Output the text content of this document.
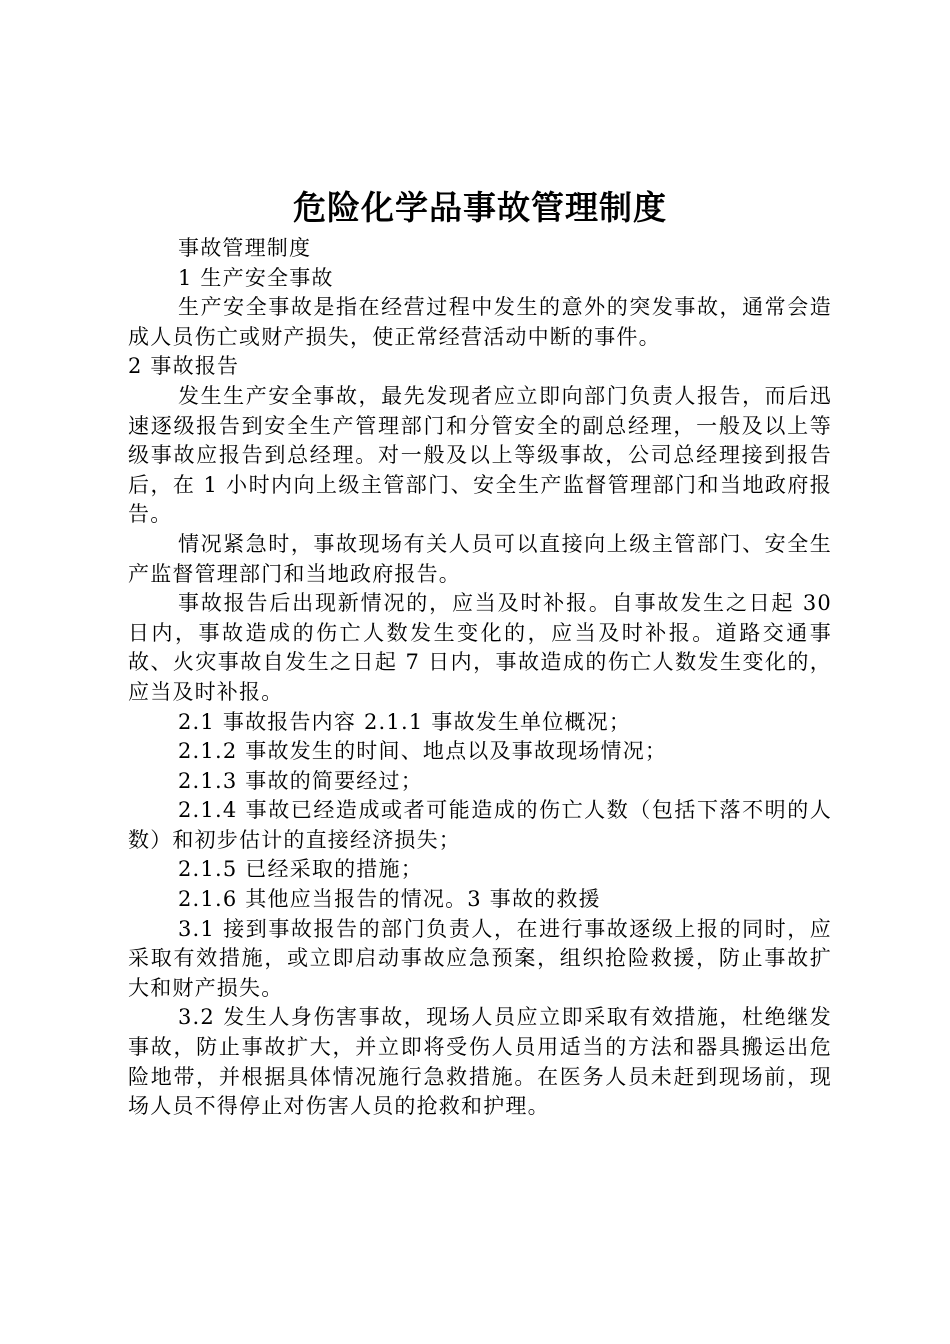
危险化学品事故管理制度

事故管理制度

1 生产安全事故

生产安全事故是指在经营过程中发生的意外的突发事故，通常会造成人员伤亡或财产损失，使正常经营活动中断的事件。

2 事故报告

发生生产安全事故，最先发现者应立即向部门负责人报告，而后迅速逐级报告到安全生产管理部门和分管安全的副总经理，一般及以上等级事故应报告到总经理。对一般及以上等级事故，公司总经理接到报告后，在 1 小时内向上级主管部门、安全生产监督管理部门和当地政府报告。

情况紧急时，事故现场有关人员可以直接向上级主管部门、安全生产监督管理部门和当地政府报告。

事故报告后出现新情况的，应当及时补报。自事故发生之日起 30 日内，事故造成的伤亡人数发生变化的，应当及时补报。道路交通事故、火灾事故自发生之日起 7 日内，事故造成的伤亡人数发生变化的，应当及时补报。

2.1 事故报告内容 2.1.1 事故发生单位概况；

2.1.2 事故发生的时间、地点以及事故现场情况；

2.1.3 事故的简要经过；

2.1.4 事故已经造成或者可能造成的伤亡人数（包括下落不明的人数）和初步估计的直接经济损失；

2.1.5 已经采取的措施；

2.1.6 其他应当报告的情况。3 事故的救援

3.1 接到事故报告的部门负责人，在进行事故逐级上报的同时，应采取有效措施，或立即启动事故应急预案，组织抢险救援，防止事故扩大和财产损失。

3.2 发生人身伤害事故，现场人员应立即采取有效措施，杜绝继发事故，防止事故扩大，并立即将受伤人员用适当的方法和器具搬运出危险地带，并根据具体情况施行急救措施。在医务人员未赶到现场前，现场人员不得停止对伤害人员的抢救和护理。
